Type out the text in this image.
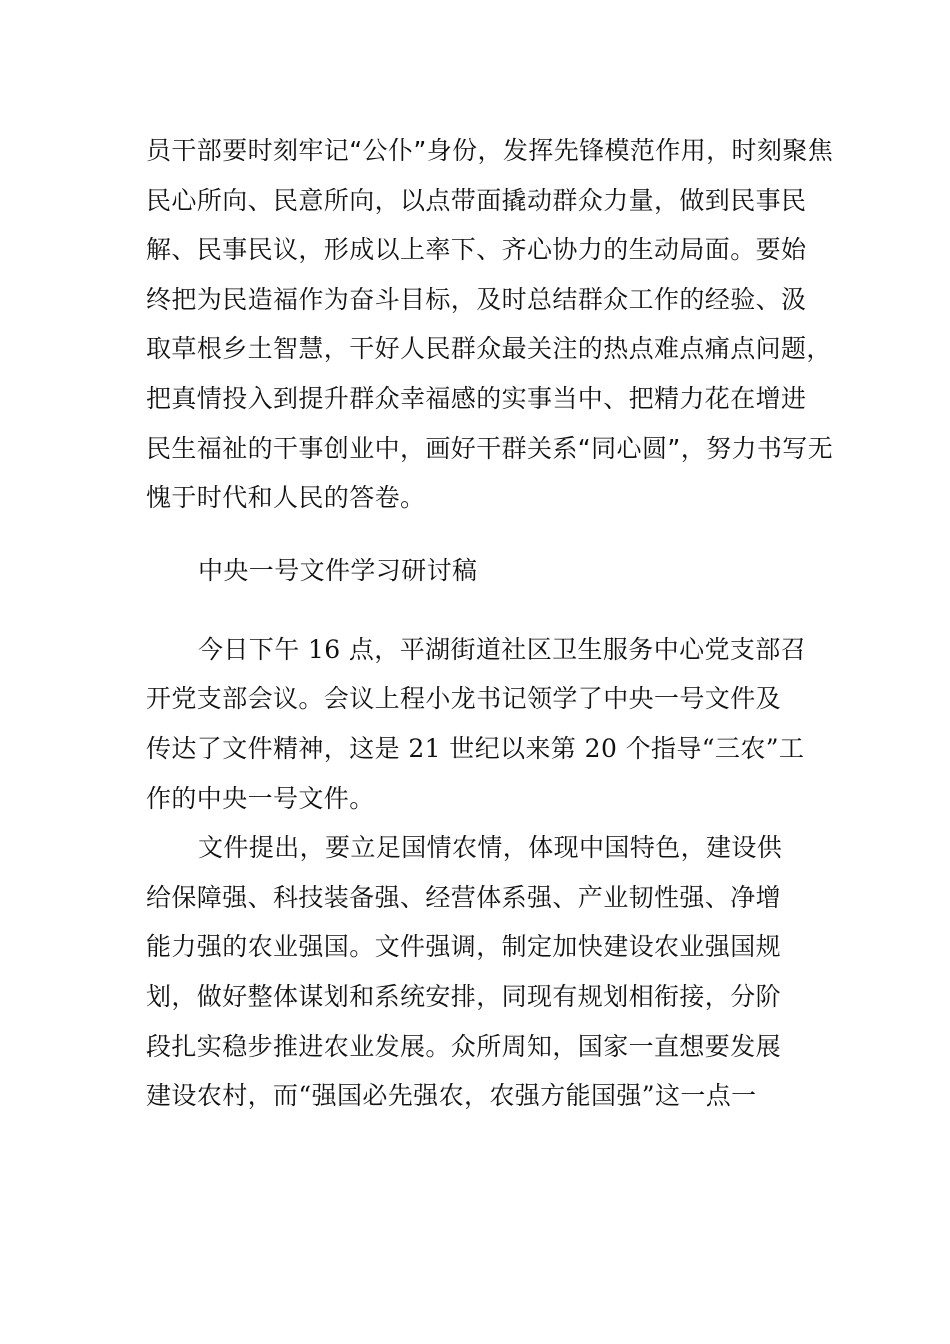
员干部要时刻牢记“公仆”身份，发挥先锋模范作用，时刻聚焦
民心所向、民意所向，以点带面撬动群众力量，做到民事民
解、民事民议，形成以上率下、齐心协力的生动局面。要始
终把为民造福作为奋斗目标，及时总结群众工作的经验、汲
取草根乡土智慧，干好人民群众最关注的热点难点痛点问题，
把真情投入到提升群众幸福感的实事当中、把精力花在增进
民生福祉的干事创业中，画好干群关系“同心圆”，努力书写无
愧于时代和人民的答卷。
中央一号文件学习研讨稿
今日下午 16 点，平湖街道社区卫生服务中心党支部召
开党支部会议。会议上程小龙书记领学了中央一号文件及
传达了文件精神，这是 21 世纪以来第 20 个指导“三农”工
作的中央一号文件。
文件提出，要立足国情农情，体现中国特色，建设供
给保障强、科技装备强、经营体系强、产业韧性强、净增
能力强的农业强国。文件强调，制定加快建设农业强国规
划，做好整体谋划和系统安排，同现有规划相衔接，分阶
段扎实稳步推进农业发展。众所周知，国家一直想要发展
建设农村，而“强国必先强农，农强方能国强”这一点一
